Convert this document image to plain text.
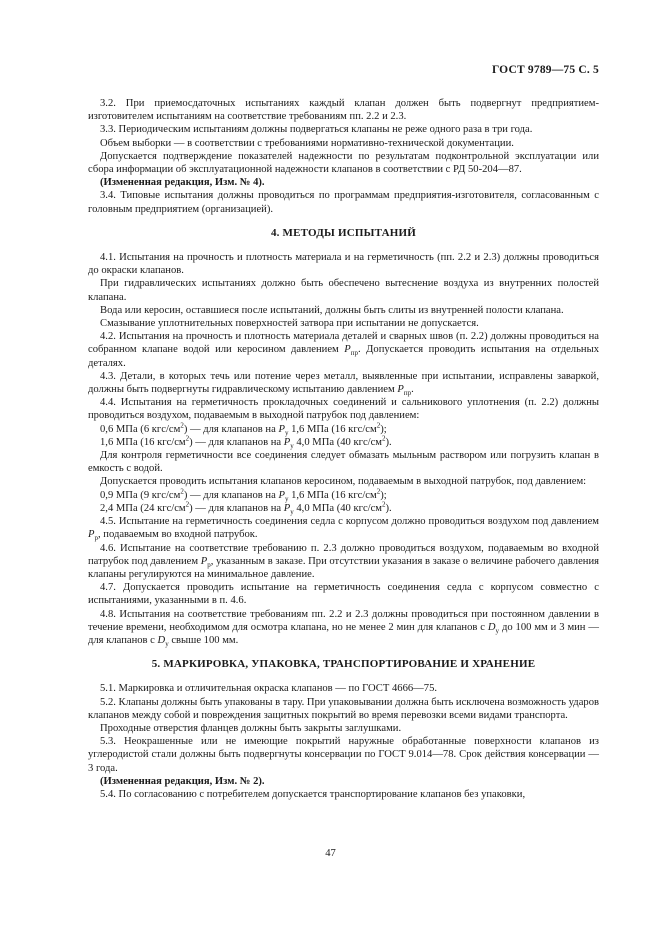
ГОСТ 9789—75 С. 5

3.2. При приемосдаточных испытаниях каждый клапан должен быть подвергнут предприятием-изготовителем испытаниям на соответствие требованиям пп. 2.2 и 2.3.

3.3. Периодическим испытаниям должны подвергаться клапаны не реже одного раза в три года.

Объем выборки — в соответствии с требованиями нормативно-технической документации.

Допускается подтверждение показателей надежности по результатам подконтрольной эксплуатации или сбора информации об эксплуатационной надежности клапанов в соответствии с РД 50-204—87.

(Измененная редакция, Изм. № 4).

3.4. Типовые испытания должны проводиться по программам предприятия-изготовителя, согласованным с головным предприятием (организацией).

4. МЕТОДЫ ИСПЫТАНИЙ

4.1. Испытания на прочность и плотность материала и на герметичность (пп. 2.2 и 2.3) должны проводиться до окраски клапанов.

При гидравлических испытаниях должно быть обеспечено вытеснение воздуха из внутренних полостей клапана.

Вода или керосин, оставшиеся после испытаний, должны быть слиты из внутренней полости клапана.

Смазывание уплотнительных поверхностей затвора при испытании не допускается.

4.2. Испытания на прочность и плотность материала деталей и сварных швов (п. 2.2) должны проводиться на собранном клапане водой или керосином давлением $P_{пр}$. Допускается проводить испытания на отдельных деталях.

4.3. Детали, в которых течь или потение через металл, выявленные при испытании, исправлены заваркой, должны быть подвергнуты гидравлическому испытанию давлением $P_{пр}$.

4.4. Испытания на герметичность прокладочных соединений и сальникового уплотнения (п. 2.2) должны проводиться воздухом, подаваемым в выходной патрубок под давлением:

0,6 МПа (6 кгс/$см^2$) — для клапанов на $P_y$ 1,6 МПа (16 кгс/$см^2$);

1,6 МПа (16 кгс/$см^2$) — для клапанов на $P_y$ 4,0 МПа (40 кгс/$см^2$).

Для контроля герметичности все соединения следует обмазать мыльным раствором или погрузить клапан в емкость с водой.

Допускается проводить испытания клапанов керосином, подаваемым в выходной патрубок, под давлением:

0,9 МПа (9 кгс/$см^2$) — для клапанов на $P_y$ 1,6 МПа (16 кгс/$см^2$);

2,4 МПа (24 кгс/$см^2$) — для клапанов на $P_y$ 4,0 МПа (40 кгс/$см^2$).

4.5. Испытание на герметичность соединения седла с корпусом должно проводиться воздухом под давлением $P_p$, подаваемым во входной патрубок.

4.6. Испытание на соответствие требованию п. 2.3 должно проводиться воздухом, подаваемым во входной патрубок под давлением $P_p$, указанным в заказе. При отсутствии указания в заказе о величине рабочего давления клапаны регулируются на минимальное давление.

4.7. Допускается проводить испытание на герметичность соединения седла с корпусом совместно с испытаниями, указанными в п. 4.6.

4.8. Испытания на соответствие требованиям пп. 2.2 и 2.3 должны проводиться при постоянном давлении в течение времени, необходимом для осмотра клапана, но не менее 2 мин для клапанов с $D_y$ до 100 мм и 3 мин — для клапанов с $D_y$ свыше 100 мм.

5. МАРКИРОВКА, УПАКОВКА, ТРАНСПОРТИРОВАНИЕ И ХРАНЕНИЕ

5.1. Маркировка и отличительная окраска клапанов — по ГОСТ 4666—75.

5.2. Клапаны должны быть упакованы в тару. При упаковывании должна быть исключена возможность ударов клапанов между собой и повреждения защитных покрытий во время перевозки всеми видами транспорта.

Проходные отверстия фланцев должны быть закрыты заглушками.

5.3. Неокрашенные или не имеющие покрытий наружные обработанные поверхности клапанов из углеродистой стали должны быть подвергнуты консервации по ГОСТ 9.014—78. Срок действия консервации — 3 года.

(Измененная редакция, Изм. № 2).

5.4. По согласованию с потребителем допускается транспортирование клапанов без упаковки,

47
